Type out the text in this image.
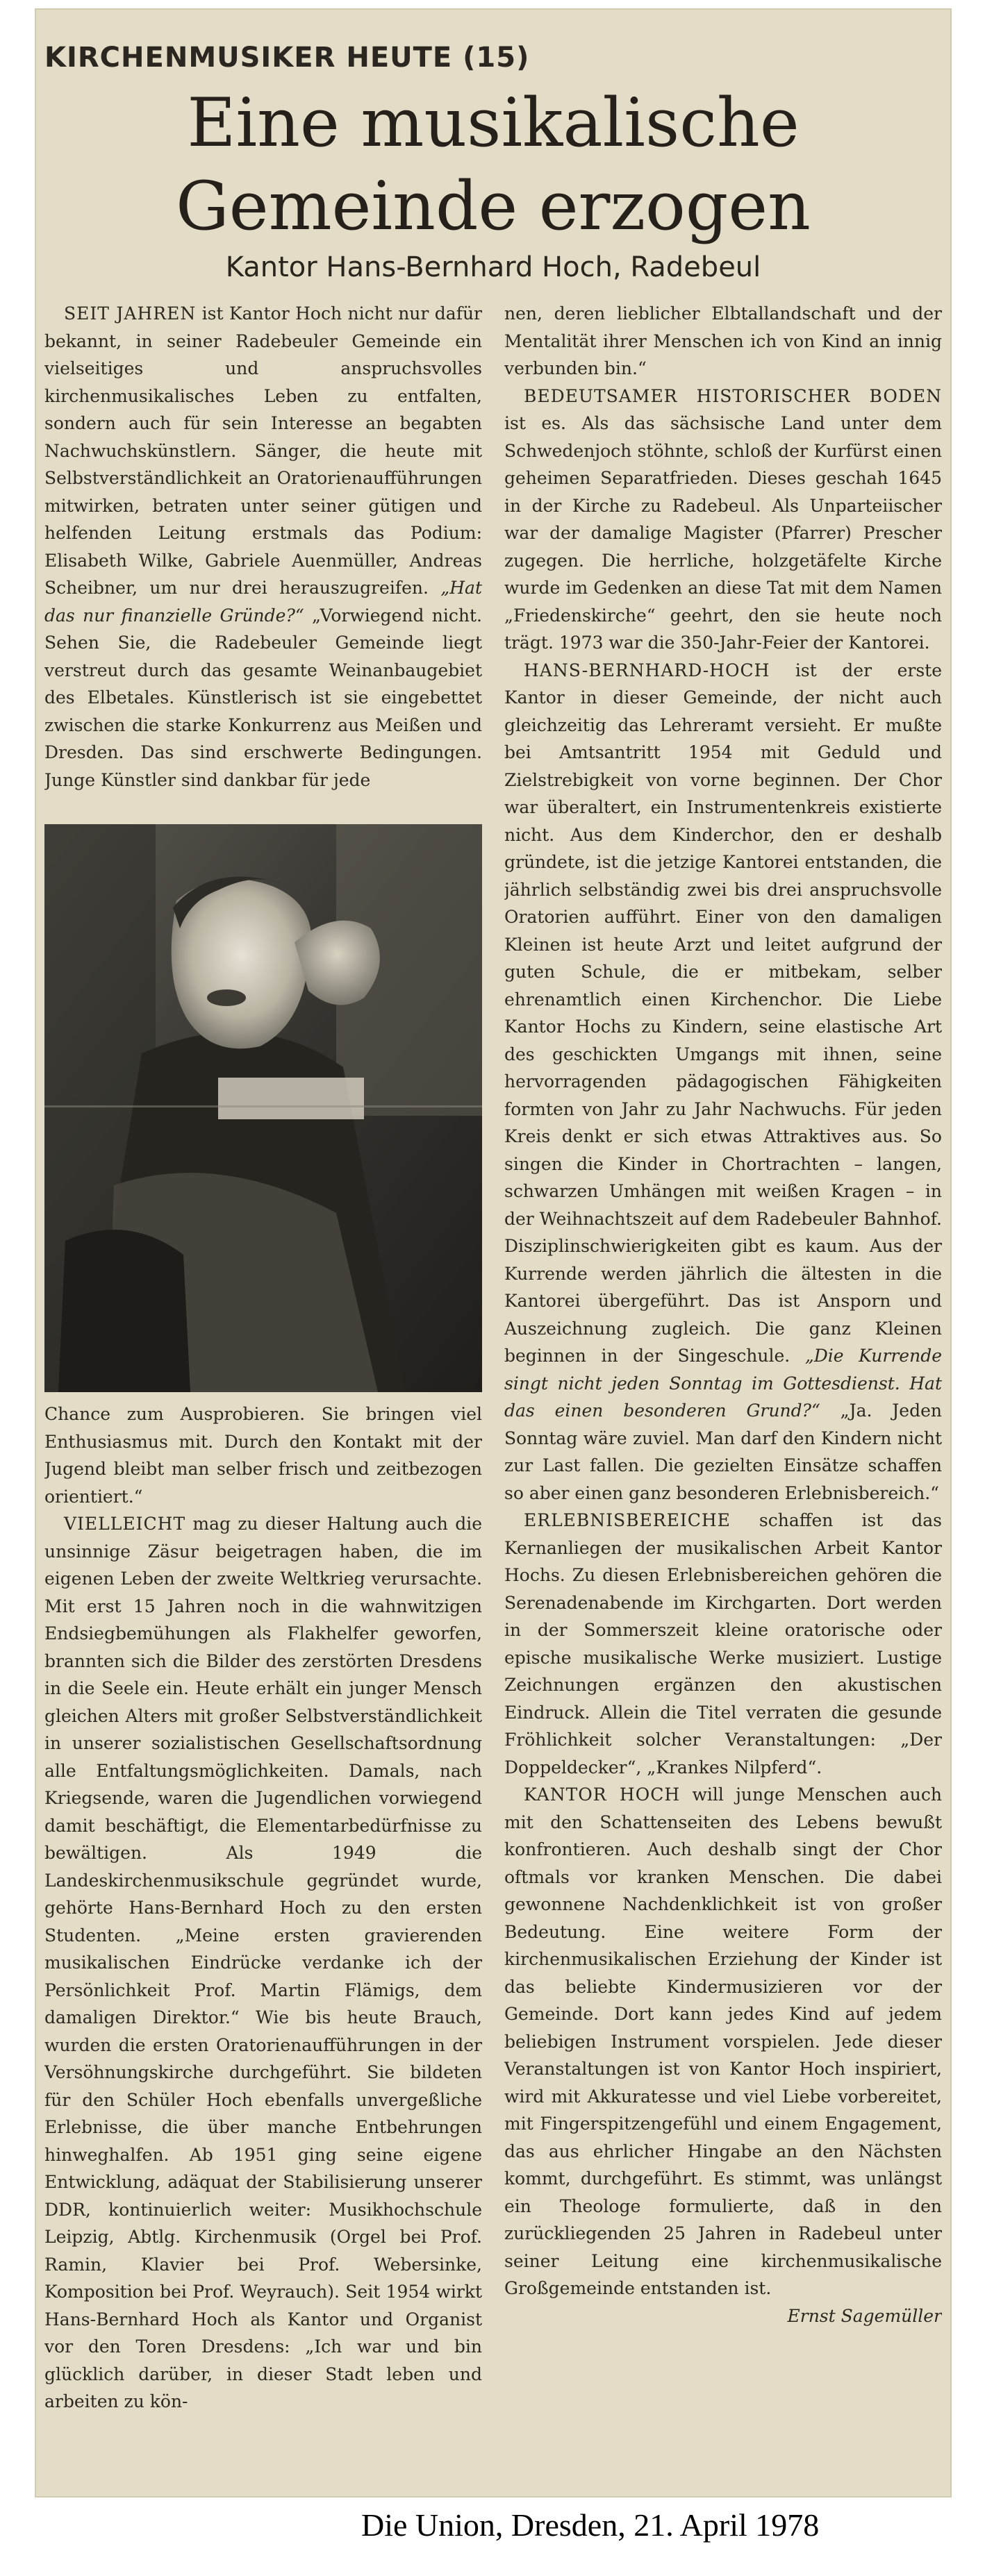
KIRCHENMUSIKER HEUTE (15)
Eine musikalische
Gemeinde erzogen
Kantor Hans-Bernhard Hoch, Radebeul

SEIT JAHREN ist Kantor Hoch nicht nur dafür bekannt, in seiner Radebeuler Gemeinde ein vielseitiges und anspruchsvolles kirchenmusikalisches Leben zu entfalten, sondern auch für sein Interesse an begabten Nachwuchskünstlern. Sänger, die heute mit Selbstverständlichkeit an Oratorienaufführungen mitwirken, betraten unter seiner gütigen und helfenden Leitung erstmals das Podium: Elisabeth Wilke, Gabriele Auenmüller, Andreas Scheibner, um nur drei herauszugreifen. „Hat das nur finanzielle Gründe?“ „Vorwiegend nicht. Sehen Sie, die Radebeuler Gemeinde liegt verstreut durch das gesamte Weinanbaugebiet des Elbetales. Künstlerisch ist sie eingebettet zwischen die starke Konkurrenz aus Meißen und Dresden. Das sind erschwerte Bedingungen. Junge Künstler sind dankbar für jede

Chance zum Ausprobieren. Sie bringen viel Enthusiasmus mit. Durch den Kontakt mit der Jugend bleibt man selber frisch und zeitbezogen orientiert.“

VIELLEICHT mag zu dieser Haltung auch die unsinnige Zäsur beigetragen haben, die im eigenen Leben der zweite Weltkrieg verursachte. Mit erst 15 Jahren noch in die wahnwitzigen Endsiegbemühungen als Flakhelfer geworfen, brannten sich die Bilder des zerstörten Dresdens in die Seele ein. Heute erhält ein junger Mensch gleichen Alters mit großer Selbstverständlichkeit in unserer sozialistischen Gesellschaftsordnung alle Entfaltungsmöglichkeiten. Damals, nach Kriegsende, waren die Jugendlichen vorwiegend damit beschäftigt, die Elementarbedürfnisse zu bewältigen. Als 1949 die Landeskirchenmusikschule gegründet wurde, gehörte Hans-Bernhard Hoch zu den ersten Studenten. „Meine ersten gravierenden musikalischen Eindrücke verdanke ich der Persönlichkeit Prof. Martin Flämigs, dem damaligen Direktor.“ Wie bis heute Brauch, wurden die ersten Oratorienaufführungen in der Versöhnungskirche durchgeführt. Sie bildeten für den Schüler Hoch ebenfalls unvergeßliche Erlebnisse, die über manche Entbehrungen hinweghalfen. Ab 1951 ging seine eigene Entwicklung, adäquat der Stabilisierung unserer DDR, kontinuierlich weiter: Musikhochschule Leipzig, Abtlg. Kirchenmusik (Orgel bei Prof. Ramin, Klavier bei Prof. Webersinke, Komposition bei Prof. Weyrauch). Seit 1954 wirkt Hans-Bernhard Hoch als Kantor und Organist vor den Toren Dresdens: „Ich war und bin glücklich darüber, in dieser Stadt leben und arbeiten zu kön-

nen, deren lieblicher Elbtallandschaft und der Mentalität ihrer Menschen ich von Kind an innig verbunden bin.“

BEDEUTSAMER HISTORISCHER BODEN ist es. Als das sächsische Land unter dem Schwedenjoch stöhnte, schloß der Kurfürst einen geheimen Separatfrieden. Dieses geschah 1645 in der Kirche zu Radebeul. Als Unparteiischer war der damalige Magister (Pfarrer) Prescher zugegen. Die herrliche, holzgetäfelte Kirche wurde im Gedenken an diese Tat mit dem Namen „Friedenskirche“ geehrt, den sie heute noch trägt. 1973 war die 350-Jahr-Feier der Kantorei.

HANS-BERNHARD-HOCH ist der erste Kantor in dieser Gemeinde, der nicht auch gleichzeitig das Lehreramt versieht. Er mußte bei Amtsantritt 1954 mit Geduld und Zielstrebigkeit von vorne beginnen. Der Chor war überaltert, ein Instrumentenkreis existierte nicht. Aus dem Kinderchor, den er deshalb gründete, ist die jetzige Kantorei entstanden, die jährlich selbständig zwei bis drei anspruchsvolle Oratorien aufführt. Einer von den damaligen Kleinen ist heute Arzt und leitet aufgrund der guten Schule, die er mitbekam, selber ehrenamtlich einen Kirchenchor. Die Liebe Kantor Hochs zu Kindern, seine elastische Art des geschickten Umgangs mit ihnen, seine hervorragenden pädagogischen Fähigkeiten formten von Jahr zu Jahr Nachwuchs. Für jeden Kreis denkt er sich etwas Attraktives aus. So singen die Kinder in Chortrachten – langen, schwarzen Umhängen mit weißen Kragen – in der Weihnachtszeit auf dem Radebeuler Bahnhof. Disziplinschwierigkeiten gibt es kaum. Aus der Kurrende werden jährlich die ältesten in die Kantorei übergeführt. Das ist Ansporn und Auszeichnung zugleich. Die ganz Kleinen beginnen in der Singeschule. „Die Kurrende singt nicht jeden Sonntag im Gottesdienst. Hat das einen besonderen Grund?“ „Ja. Jeden Sonntag wäre zuviel. Man darf den Kindern nicht zur Last fallen. Die gezielten Einsätze schaffen so aber einen ganz besonderen Erlebnisbereich.“

ERLEBNISBEREICHE schaffen ist das Kernanliegen der musikalischen Arbeit Kantor Hochs. Zu diesen Erlebnisbereichen gehören die Serenadenabende im Kirchgarten. Dort werden in der Sommerszeit kleine oratorische oder epische musikalische Werke musiziert. Lustige Zeichnungen ergänzen den akustischen Eindruck. Allein die Titel verraten die gesunde Fröhlichkeit solcher Veranstaltungen: „Der Doppeldecker“, „Krankes Nilpferd“.

KANTOR HOCH will junge Menschen auch mit den Schattenseiten des Lebens bewußt konfrontieren. Auch deshalb singt der Chor oftmals vor kranken Menschen. Die dabei gewonnene Nachdenklichkeit ist von großer Bedeutung. Eine weitere Form der kirchenmusikalischen Erziehung der Kinder ist das beliebte Kindermusizieren vor der Gemeinde. Dort kann jedes Kind auf jedem beliebigen Instrument vorspielen. Jede dieser Veranstaltungen ist von Kantor Hoch inspiriert, wird mit Akkuratesse und viel Liebe vorbereitet, mit Fingerspitzengefühl und einem Engagement, das aus ehrlicher Hingabe an den Nächsten kommt, durchgeführt. Es stimmt, was unlängst ein Theologe formulierte, daß in den zurückliegenden 25 Jahren in Radebeul unter seiner Leitung eine kirchenmusikalische Großgemeinde entstanden ist.
Ernst Sagemüller

Die Union, Dresden, 21. April 1978
